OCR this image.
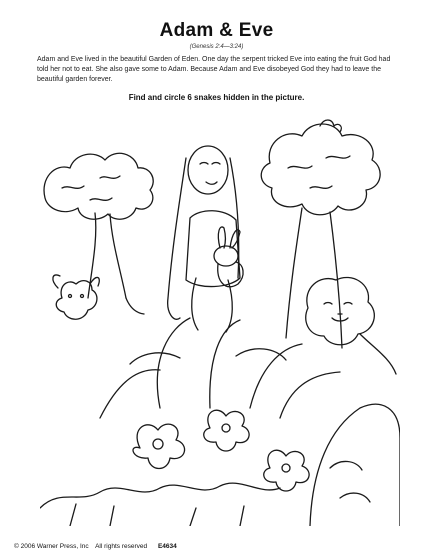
Adam & Eve
(Genesis 2:4—3:24)
Adam and Eve lived in the beautiful Garden of Eden. One day the serpent tricked Eve into eating the fruit God had told her not to eat. She also gave some to Adam. Because Adam and Eve disobeyed God they had to leave the beautiful garden forever.
Find and circle 6 snakes hidden in the picture.
© 2006 Warner Press, Inc All rights reserved E4634
